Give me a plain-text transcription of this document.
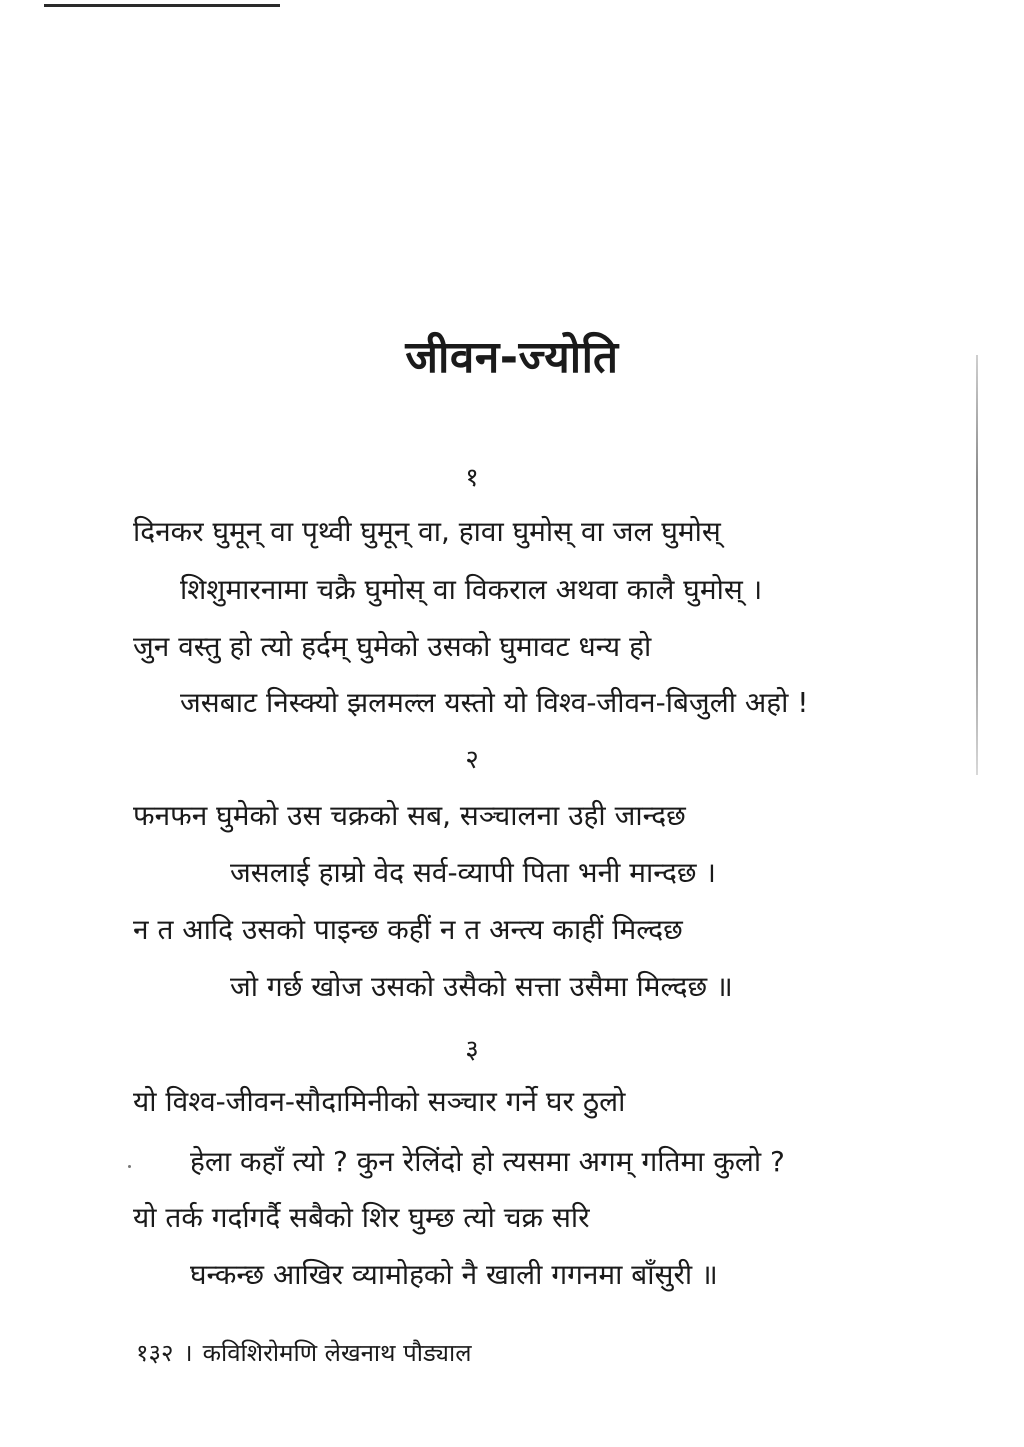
जीवन-ज्योति
१
दिनकर घुमून् वा पृथ्वी घुमून् वा, हावा घुमोस् वा जल घुमोस्
शिशुमारनामा चक्रै घुमोस् वा विकराल अथवा कालै घुमोस् ।
जुन वस्तु हो त्यो हर्दम् घुमेको उसको घुमावट धन्य हो
जसबाट निस्क्यो झलमल्ल यस्तो यो विश्व-जीवन-बिजुली अहो !
२
फनफन घुमेको उस चक्रको सब, सञ्चालना उही जान्दछ
जसलाई हाम्रो वेद सर्व-व्यापी पिता भनी मान्दछ ।
न त आदि उसको पाइन्छ कहीं न त अन्त्य काहीं मिल्दछ
जो गर्छ खोज उसको उसैको सत्ता उसैमा मिल्दछ ॥
३
यो विश्व-जीवन-सौदामिनीको सञ्चार गर्ने घर ठुलो
हेला कहाँ त्यो ? कुन रेलिंदो हो त्यसमा अगम् गतिमा कुलो ?
यो तर्क गर्दागर्दै सबैको शिर घुम्छ त्यो चक्र सरि
घन्कन्छ आखिर व्यामोहको नै खाली गगनमा बाँसुरी ॥
१३२ । कविशिरोमणि लेखनाथ पौड्याल
